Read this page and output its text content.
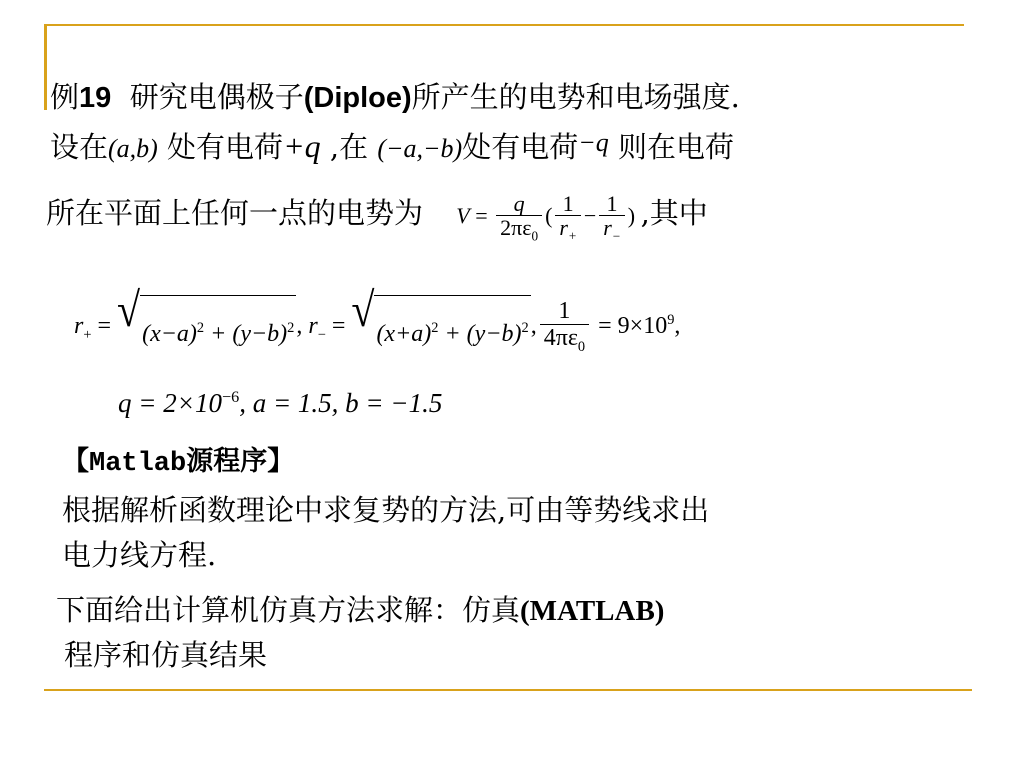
例19 研究电偶极子(Diploe)所产生的电势和电场强度.
设在(a,b) 处有电荷+q ,在 (−a,−b)处有电荷−q 则在电荷
所在平面上任何一点的电势为 $V = \frac{q}{2\pi\varepsilon_0}$ ( $\frac{1}{r_+} - \frac{1}{r_-}$ ) ,其中
$r_+$ = √ $(x-a)^2 + (y-b)^2$ , $r_-$ = √ $(x+a)^2 + (y-b)^2$ , $\frac{1}{4\pi\varepsilon_0} = 9\times 10^9$,
$q = 2\times 10^{-6}$, a = 1.5, b = −1.5
【Matlab源程序】
根据解析函数理论中求复势的方法,可由等势线求出
电力线方程.
下面给出计算机仿真方法求解：仿真(MATLAB)
程序和仿真结果
